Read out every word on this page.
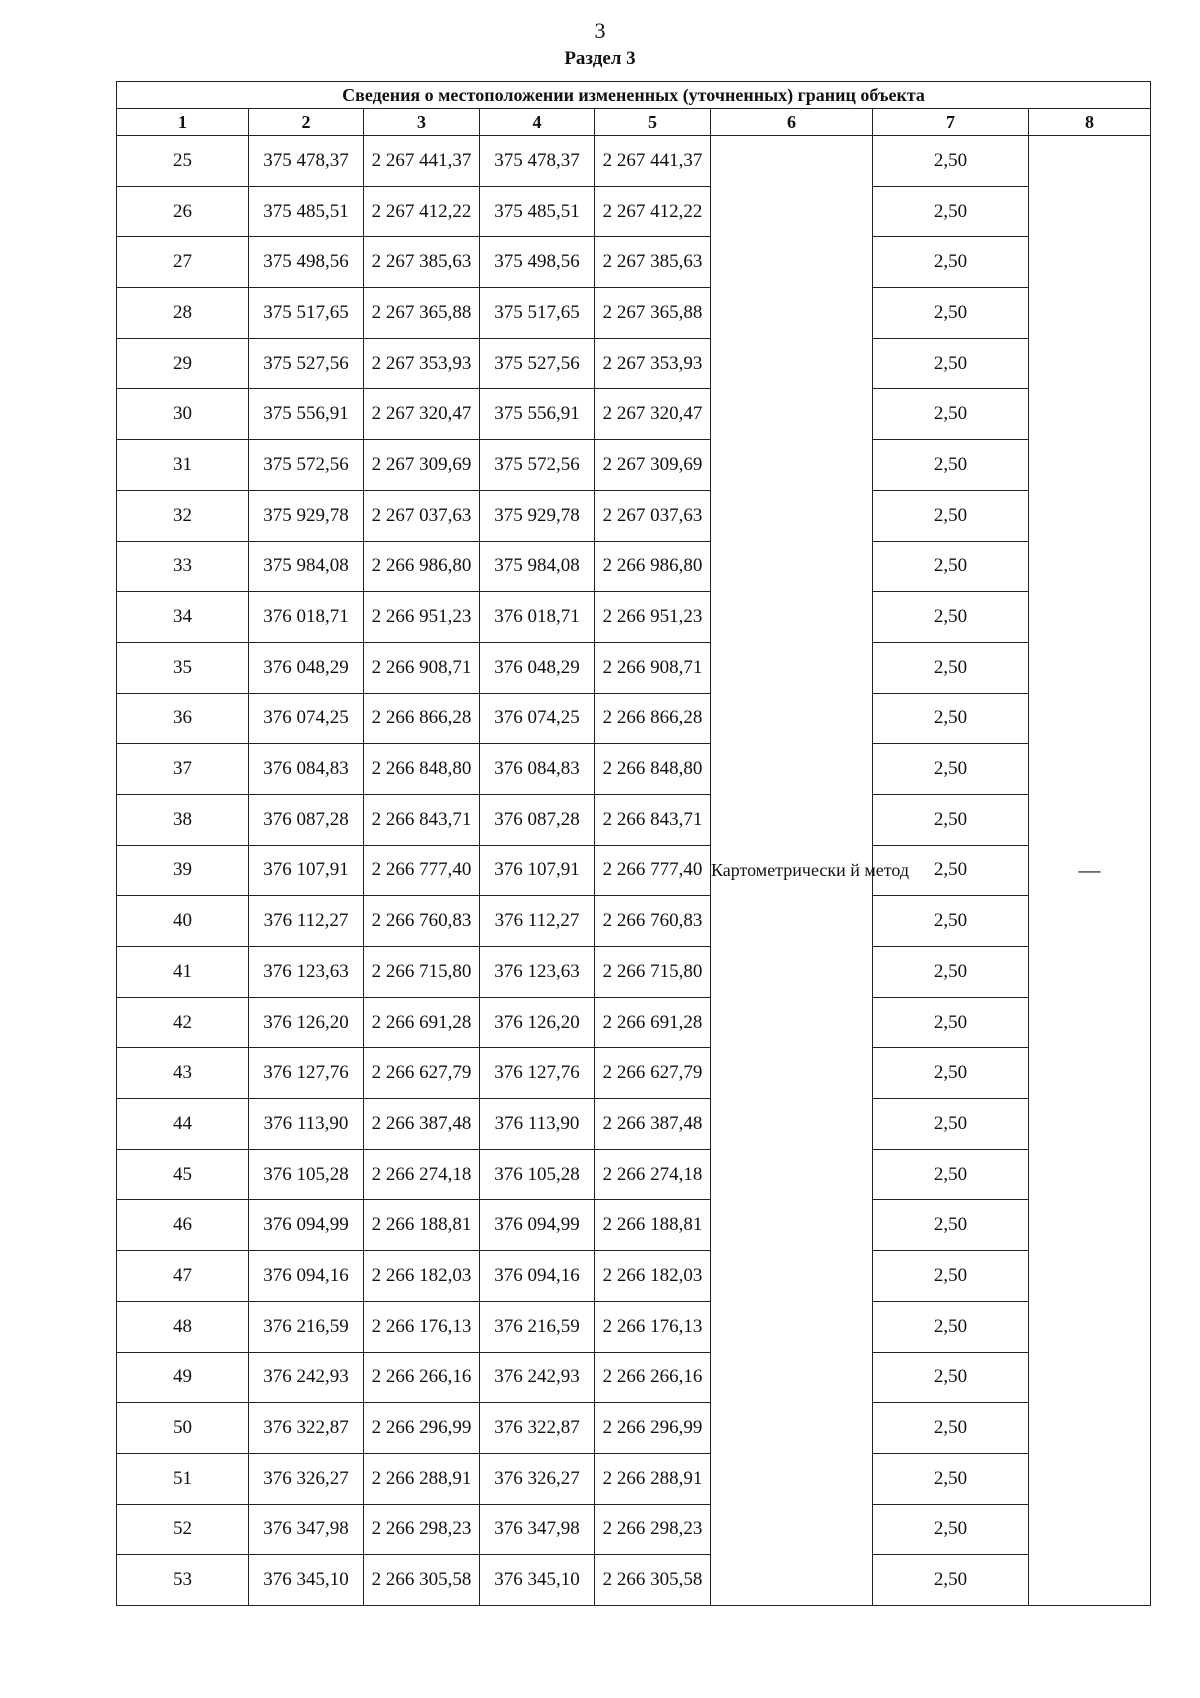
3
Раздел 3
Сведения о местоположении измененных (уточненных) границ объекта							
1	2	3	4	5	6	7	8
25	375 478,37	2 267 441,37	375 478,37	2 267 441,37	Картометрически й метод	2,50	—
26	375 485,51	2 267 412,22	375 485,51	2 267 412,22		2,50	
27	375 498,56	2 267 385,63	375 498,56	2 267 385,63		2,50	
28	375 517,65	2 267 365,88	375 517,65	2 267 365,88		2,50	
29	375 527,56	2 267 353,93	375 527,56	2 267 353,93		2,50	
30	375 556,91	2 267 320,47	375 556,91	2 267 320,47		2,50	
31	375 572,56	2 267 309,69	375 572,56	2 267 309,69		2,50	
32	375 929,78	2 267 037,63	375 929,78	2 267 037,63		2,50	
33	375 984,08	2 266 986,80	375 984,08	2 266 986,80		2,50	
34	376 018,71	2 266 951,23	376 018,71	2 266 951,23		2,50	
35	376 048,29	2 266 908,71	376 048,29	2 266 908,71		2,50	
36	376 074,25	2 266 866,28	376 074,25	2 266 866,28		2,50	
37	376 084,83	2 266 848,80	376 084,83	2 266 848,80		2,50	
38	376 087,28	2 266 843,71	376 087,28	2 266 843,71		2,50	
39	376 107,91	2 266 777,40	376 107,91	2 266 777,40		2,50	
40	376 112,27	2 266 760,83	376 112,27	2 266 760,83		2,50	
41	376 123,63	2 266 715,80	376 123,63	2 266 715,80		2,50	
42	376 126,20	2 266 691,28	376 126,20	2 266 691,28		2,50	
43	376 127,76	2 266 627,79	376 127,76	2 266 627,79		2,50	
44	376 113,90	2 266 387,48	376 113,90	2 266 387,48		2,50	
45	376 105,28	2 266 274,18	376 105,28	2 266 274,18		2,50	
46	376 094,99	2 266 188,81	376 094,99	2 266 188,81		2,50	
47	376 094,16	2 266 182,03	376 094,16	2 266 182,03		2,50	
48	376 216,59	2 266 176,13	376 216,59	2 266 176,13		2,50	
49	376 242,93	2 266 266,16	376 242,93	2 266 266,16		2,50	
50	376 322,87	2 266 296,99	376 322,87	2 266 296,99		2,50	
51	376 326,27	2 266 288,91	376 326,27	2 266 288,91		2,50	
52	376 347,98	2 266 298,23	376 347,98	2 266 298,23		2,50	
53	376 345,10	2 266 305,58	376 345,10	2 266 305,58		2,50	
